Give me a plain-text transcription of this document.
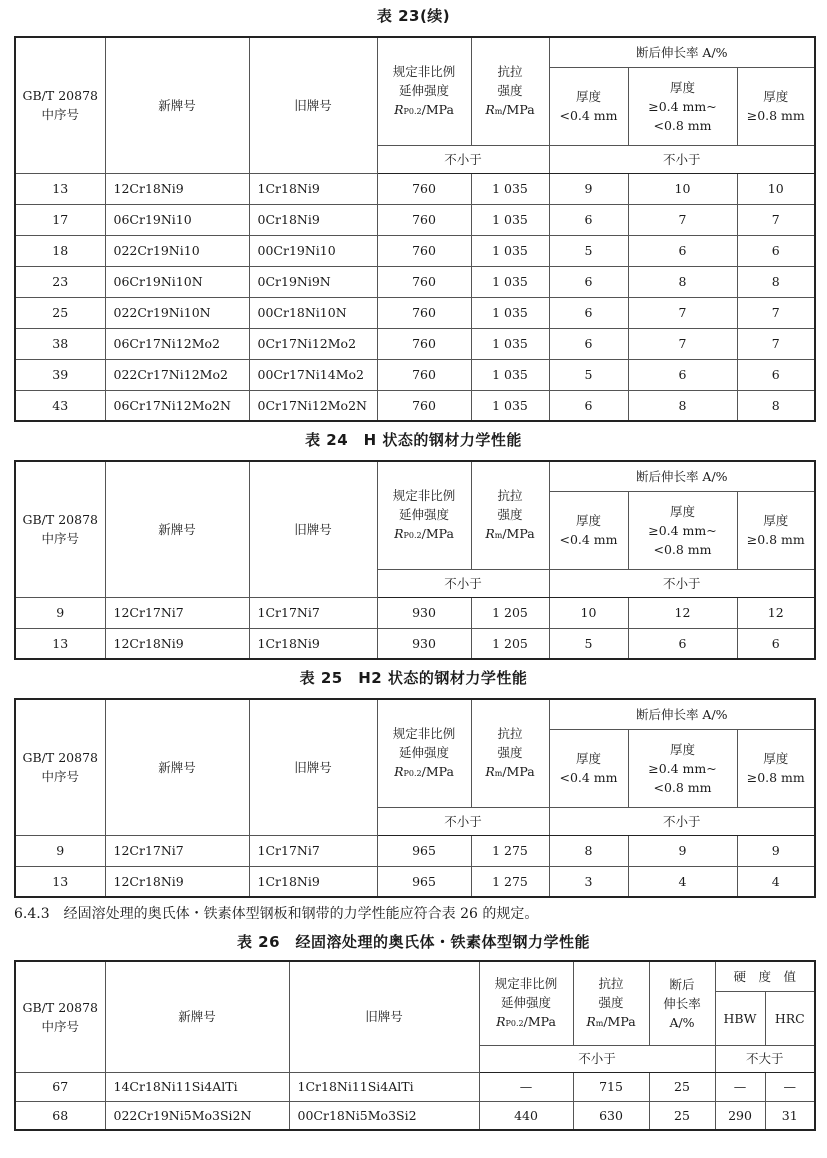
表 23(续)
GB/T 20878
中序号	新牌号	旧牌号	规定非比例
延伸强度
RP0.2/MPa	抗拉
强度
Rm/MPa	断后伸长率 A/%		

					厚度
<0.4 mm	厚度
≥0.4 mm~
<0.8 mm	厚度
≥0.8 mm

			不小于		不小于		
13	12Cr18Ni9	1Cr18Ni9	760	1 035	9	10	10
17	06Cr19Ni10	0Cr18Ni9	760	1 035	6	7	7
18	022Cr19Ni10	00Cr19Ni10	760	1 035	5	6	6
23	06Cr19Ni10N	0Cr19Ni9N	760	1 035	6	8	8
25	022Cr19Ni10N	00Cr18Ni10N	760	1 035	6	7	7
38	06Cr17Ni12Mo2	0Cr17Ni12Mo2	760	1 035	6	7	7
39	022Cr17Ni12Mo2	00Cr17Ni14Mo2	760	1 035	5	6	6
43	06Cr17Ni12Mo2N	0Cr17Ni12Mo2N	760	1 035	6	8	8
表 24　H 状态的钢材力学性能
GB/T 20878
中序号	新牌号	旧牌号	规定非比例
延伸强度
RP0.2/MPa	抗拉
强度
Rm/MPa	断后伸长率 A/%		

					厚度
<0.4 mm	厚度
≥0.4 mm~
<0.8 mm	厚度
≥0.8 mm

			不小于		不小于		
9	12Cr17Ni7	1Cr17Ni7	930	1 205	10	12	12
13	12Cr18Ni9	1Cr18Ni9	930	1 205	5	6	6
表 25　H2 状态的钢材力学性能
GB/T 20878
中序号	新牌号	旧牌号	规定非比例
延伸强度
RP0.2/MPa	抗拉
强度
Rm/MPa	断后伸长率 A/%		

					厚度
<0.4 mm	厚度
≥0.4 mm~
<0.8 mm	厚度
≥0.8 mm

			不小于		不小于		
9	12Cr17Ni7	1Cr17Ni7	965	1 275	8	9	9
13	12Cr18Ni9	1Cr18Ni9	965	1 275	3	4	4
6.4.3　经固溶处理的奥氏体・铁素体型钢板和钢带的力学性能应符合表 26 的规定。
表 26　经固溶处理的奥氏体・铁素体型钢力学性能
GB/T 20878
中序号	新牌号	旧牌号	规定非比例
延伸强度
RP0.2/MPa	抗拉
强度
Rm/MPa	断后
伸长率
A/%	硬　度　值	
						HBW	HRC
			不小于			不大于	
67	14Cr18Ni11Si4AlTi	1Cr18Ni11Si4AlTi	—	715	25	—	—
68	022Cr19Ni5Mo3Si2N	00Cr18Ni5Mo3Si2	440	630	25	290	31
